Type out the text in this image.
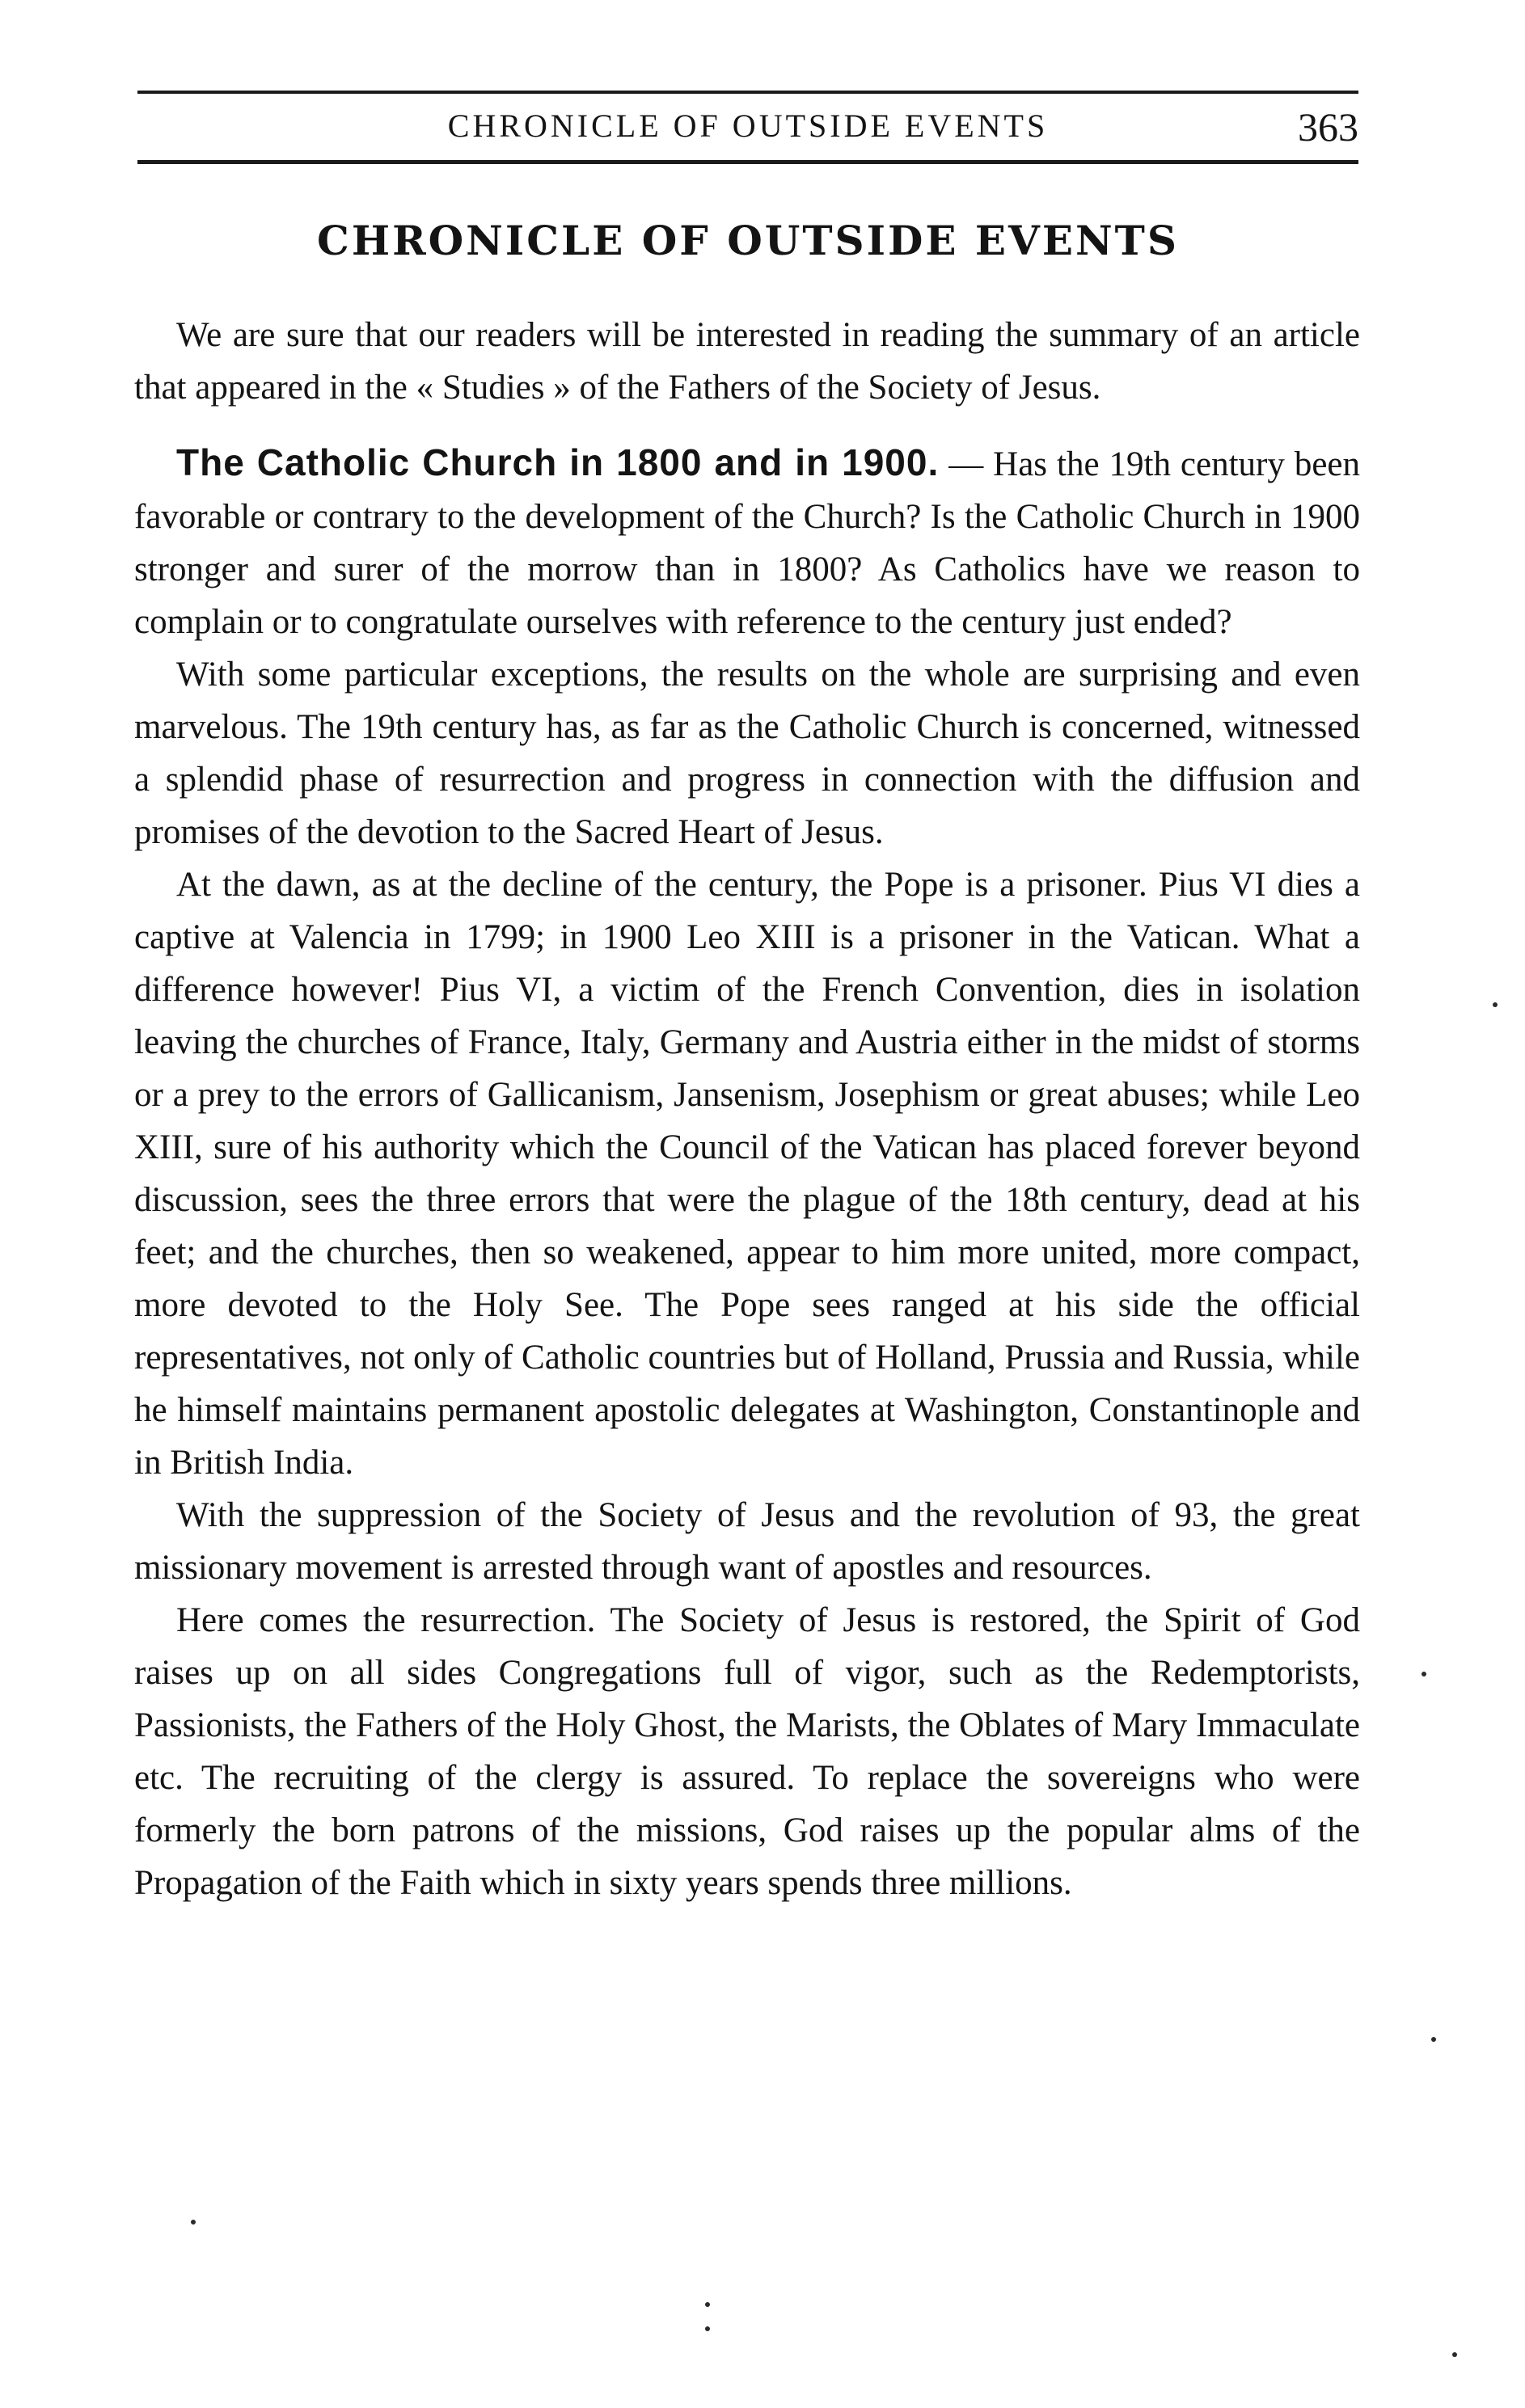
CHRONICLE OF OUTSIDE EVENTS	363
CHRONICLE OF OUTSIDE EVENTS

We are sure that our readers will be interested in reading the summary of an article that appeared in the « Studies » of the Fathers of the Society of Jesus.

The Catholic Church in 1800 and in 1900. — Has the 19th century been favorable or contrary to the development of the Church? Is the Catholic Church in 1900 stronger and surer of the morrow than in 1800? As Catholics have we reason to complain or to congratulate ourselves with reference to the century just ended?

With some particular exceptions, the results on the whole are surprising and even marvelous. The 19th century has, as far as the Catholic Church is concerned, witnessed a splendid phase of resurrection and progress in connection with the diffusion and promises of the devotion to the Sacred Heart of Jesus.

At the dawn, as at the decline of the century, the Pope is a prisoner. Pius VI dies a captive at Valencia in 1799; in 1900 Leo XIII is a prisoner in the Vatican. What a difference however! Pius VI, a victim of the French Convention, dies in isolation leaving the churches of France, Italy, Germany and Austria either in the midst of storms or a prey to the errors of Gallicanism, Jansenism, Josephism or great abuses; while Leo XIII, sure of his authority which the Council of the Vatican has placed forever beyond discussion, sees the three errors that were the plague of the 18th century, dead at his feet; and the churches, then so weakened, appear to him more united, more compact, more devoted to the Holy See. The Pope sees ranged at his side the official representatives, not only of Catholic countries but of Holland, Prussia and Russia, while he himself maintains permanent apostolic delegates at Washington, Constantinople and in British India.

With the suppression of the Society of Jesus and the revolution of 93, the great missionary movement is arrested through want of apostles and resources.

Here comes the resurrection. The Society of Jesus is restored, the Spirit of God raises up on all sides Congregations full of vigor, such as the Redemptorists, Passionists, the Fathers of the Holy Ghost, the Marists, the Oblates of Mary Immaculate etc. The recruiting of the clergy is assured. To replace the sovereigns who were formerly the born patrons of the missions, God raises up the popular alms of the Propagation of the Faith which in sixty years spends three millions.
